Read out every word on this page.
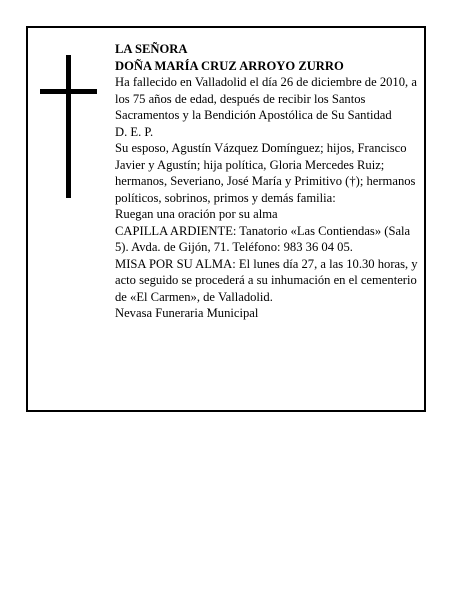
LA SEÑORA

DOÑA MARÍA CRUZ ARROYO ZURRO

Ha fallecido en Valladolid el día 26 de diciembre de 2010, a los 75 años de edad, después de recibir los Santos Sacramentos y la Bendición Apostólica de Su Santidad

D. E. P.

Su esposo, Agustín Vázquez Domínguez; hijos, Francisco Javier y Agustín; hija política, Gloria Mercedes Ruiz; hermanos, Severiano, José María y Primitivo (†); hermanos políticos, sobrinos, primos y demás familia:

Ruegan una oración por su alma

CAPILLA ARDIENTE: Tanatorio «Las Contiendas» (Sala 5). Avda. de Gijón, 71. Teléfono: 983 36 04 05.

MISA POR SU ALMA: El lunes día 27, a las 10.30 horas, y acto seguido se procederá a su inhumación en el cementerio de «El Carmen», de Valladolid.

Nevasa Funeraria Municipal
